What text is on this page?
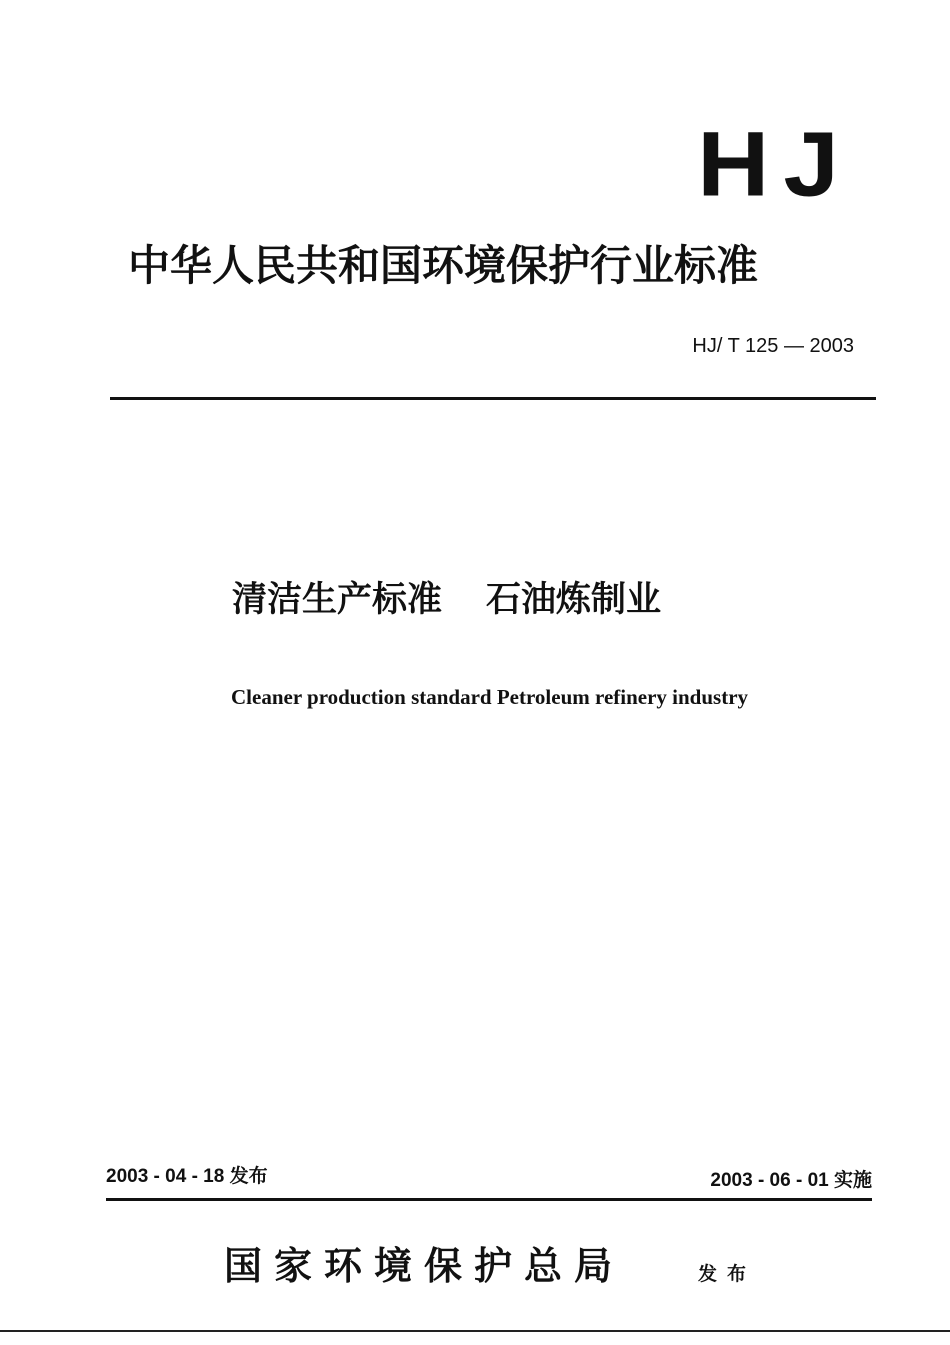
HJ
中华人民共和国环境保护行业标准
HJ/ T 125 — 2003
清洁生产标准 石油炼制业
Cleaner production standard Petroleum refinery industry
2003 - 04 - 18 发布	2003 - 06 - 01 实施
国家环境保护总局	发布
